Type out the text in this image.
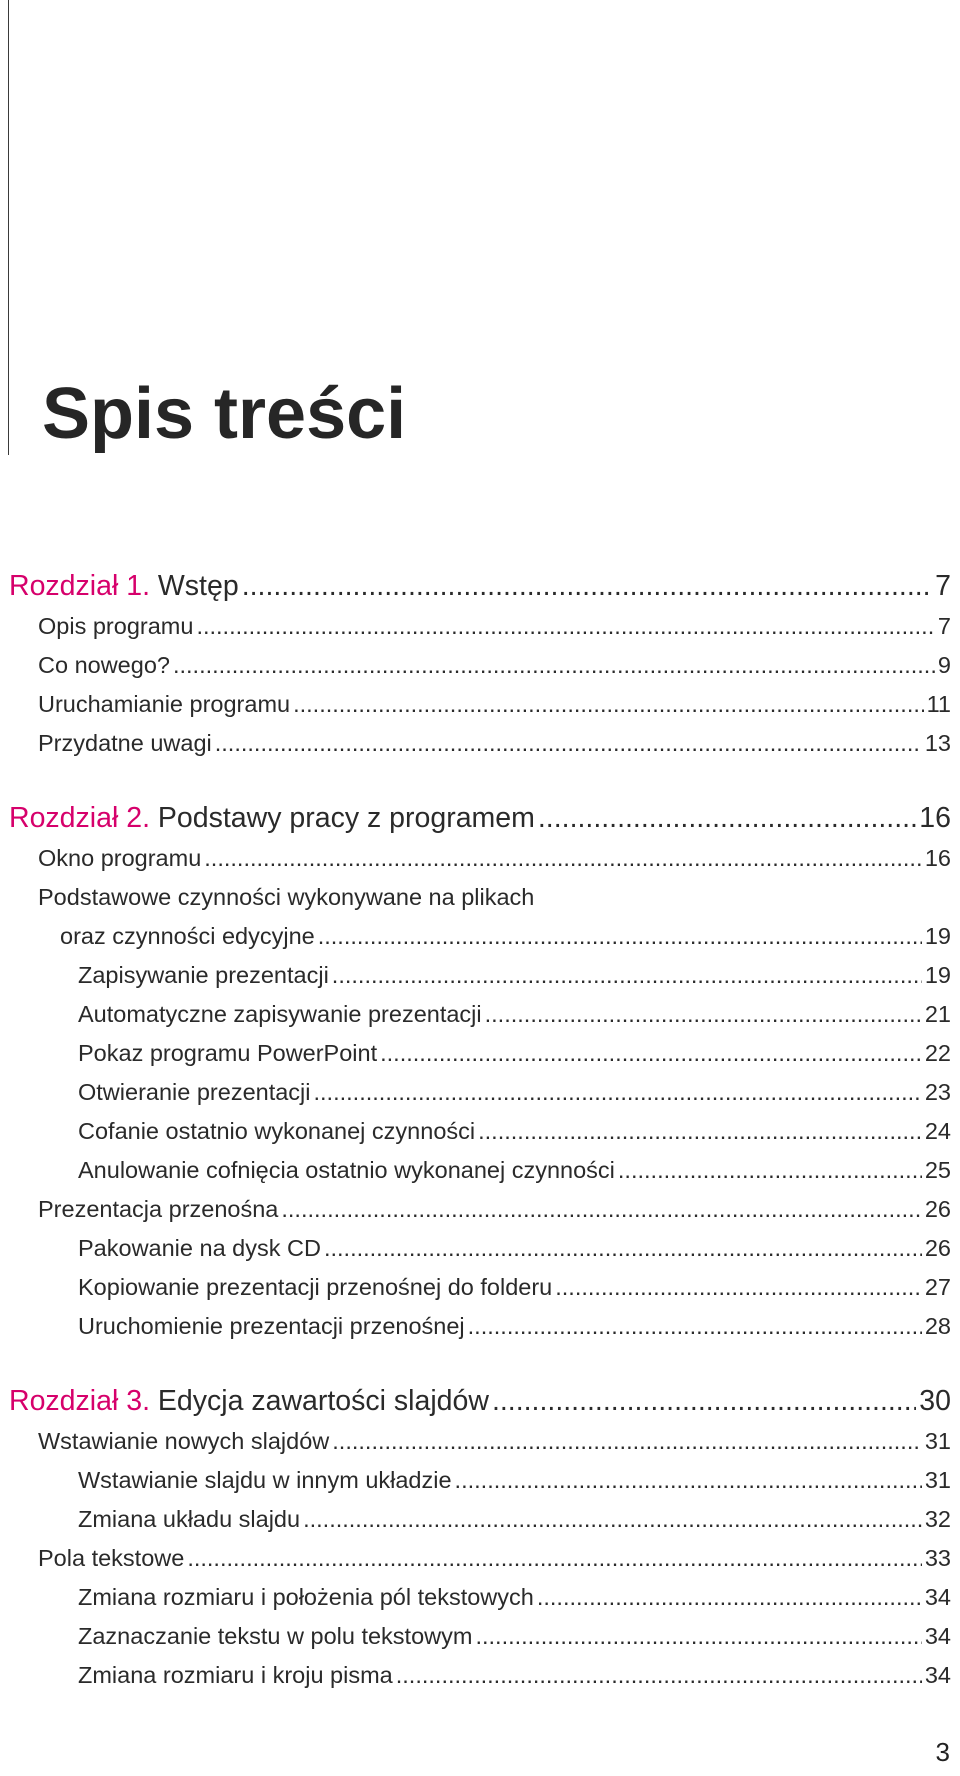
Spis treści
Rozdział 1. Wstęp .....	7
Opis programu .....	7
Co nowego? .....	9
Uruchamianie programu .....	11
Przydatne uwagi .....	13
Rozdział 2. Podstawy pracy z programem .....	16
Okno programu .....	16
Podstawowe czynności wykonywane na plikach
oraz czynności edycyjne .....	19
Zapisywanie prezentacji .....	19
Automatyczne zapisywanie prezentacji .....	21
Pokaz programu PowerPoint .....	22
Otwieranie prezentacji .....	23
Cofanie ostatnio wykonanej czynności .....	24
Anulowanie cofnięcia ostatnio wykonanej czynności .....	25
Prezentacja przenośna .....	26
Pakowanie na dysk CD .....	26
Kopiowanie prezentacji przenośnej do folderu .....	27
Uruchomienie prezentacji przenośnej .....	28
Rozdział 3. Edycja zawartości slajdów .....	30
Wstawianie nowych slajdów .....	31
Wstawianie slajdu w innym układzie .....	31
Zmiana układu slajdu .....	32
Pola tekstowe .....	33
Zmiana rozmiaru i położenia pól tekstowych .....	34
Zaznaczanie tekstu w polu tekstowym .....	34
Zmiana rozmiaru i kroju pisma .....	34
3
